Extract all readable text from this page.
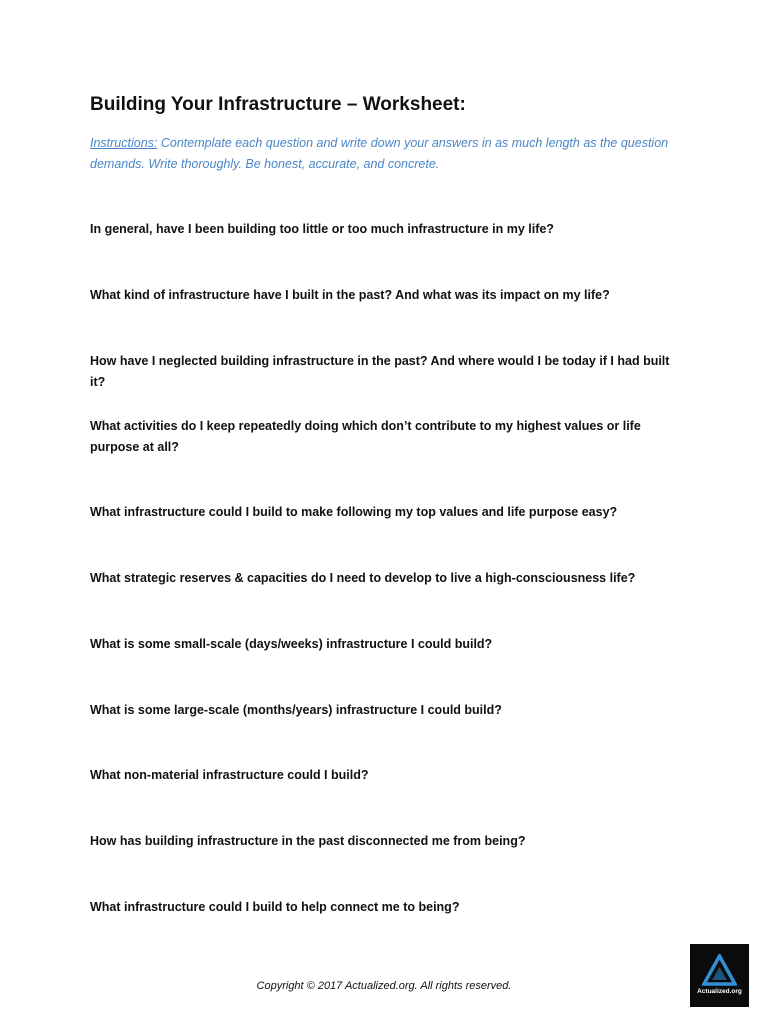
Building Your Infrastructure – Worksheet:
Instructions: Contemplate each question and write down your answers in as much length as the question demands. Write thoroughly. Be honest, accurate, and concrete.
In general, have I been building too little or too much infrastructure in my life?
What kind of infrastructure have I built in the past? And what was its impact on my life?
How have I neglected building infrastructure in the past? And where would I be today if I had built it?
What activities do I keep repeatedly doing which don’t contribute to my highest values or life purpose at all?
What infrastructure could I build to make following my top values and life purpose easy?
What strategic reserves & capacities do I need to develop to live a high-consciousness life?
What is some small-scale (days/weeks) infrastructure I could build?
What is some large-scale (months/years) infrastructure I could build?
What non-material infrastructure could I build?
How has building infrastructure in the past disconnected me from being?
What infrastructure could I build to help connect me to being?
Copyright © 2017 Actualized.org. All rights reserved.	Actualized.org
